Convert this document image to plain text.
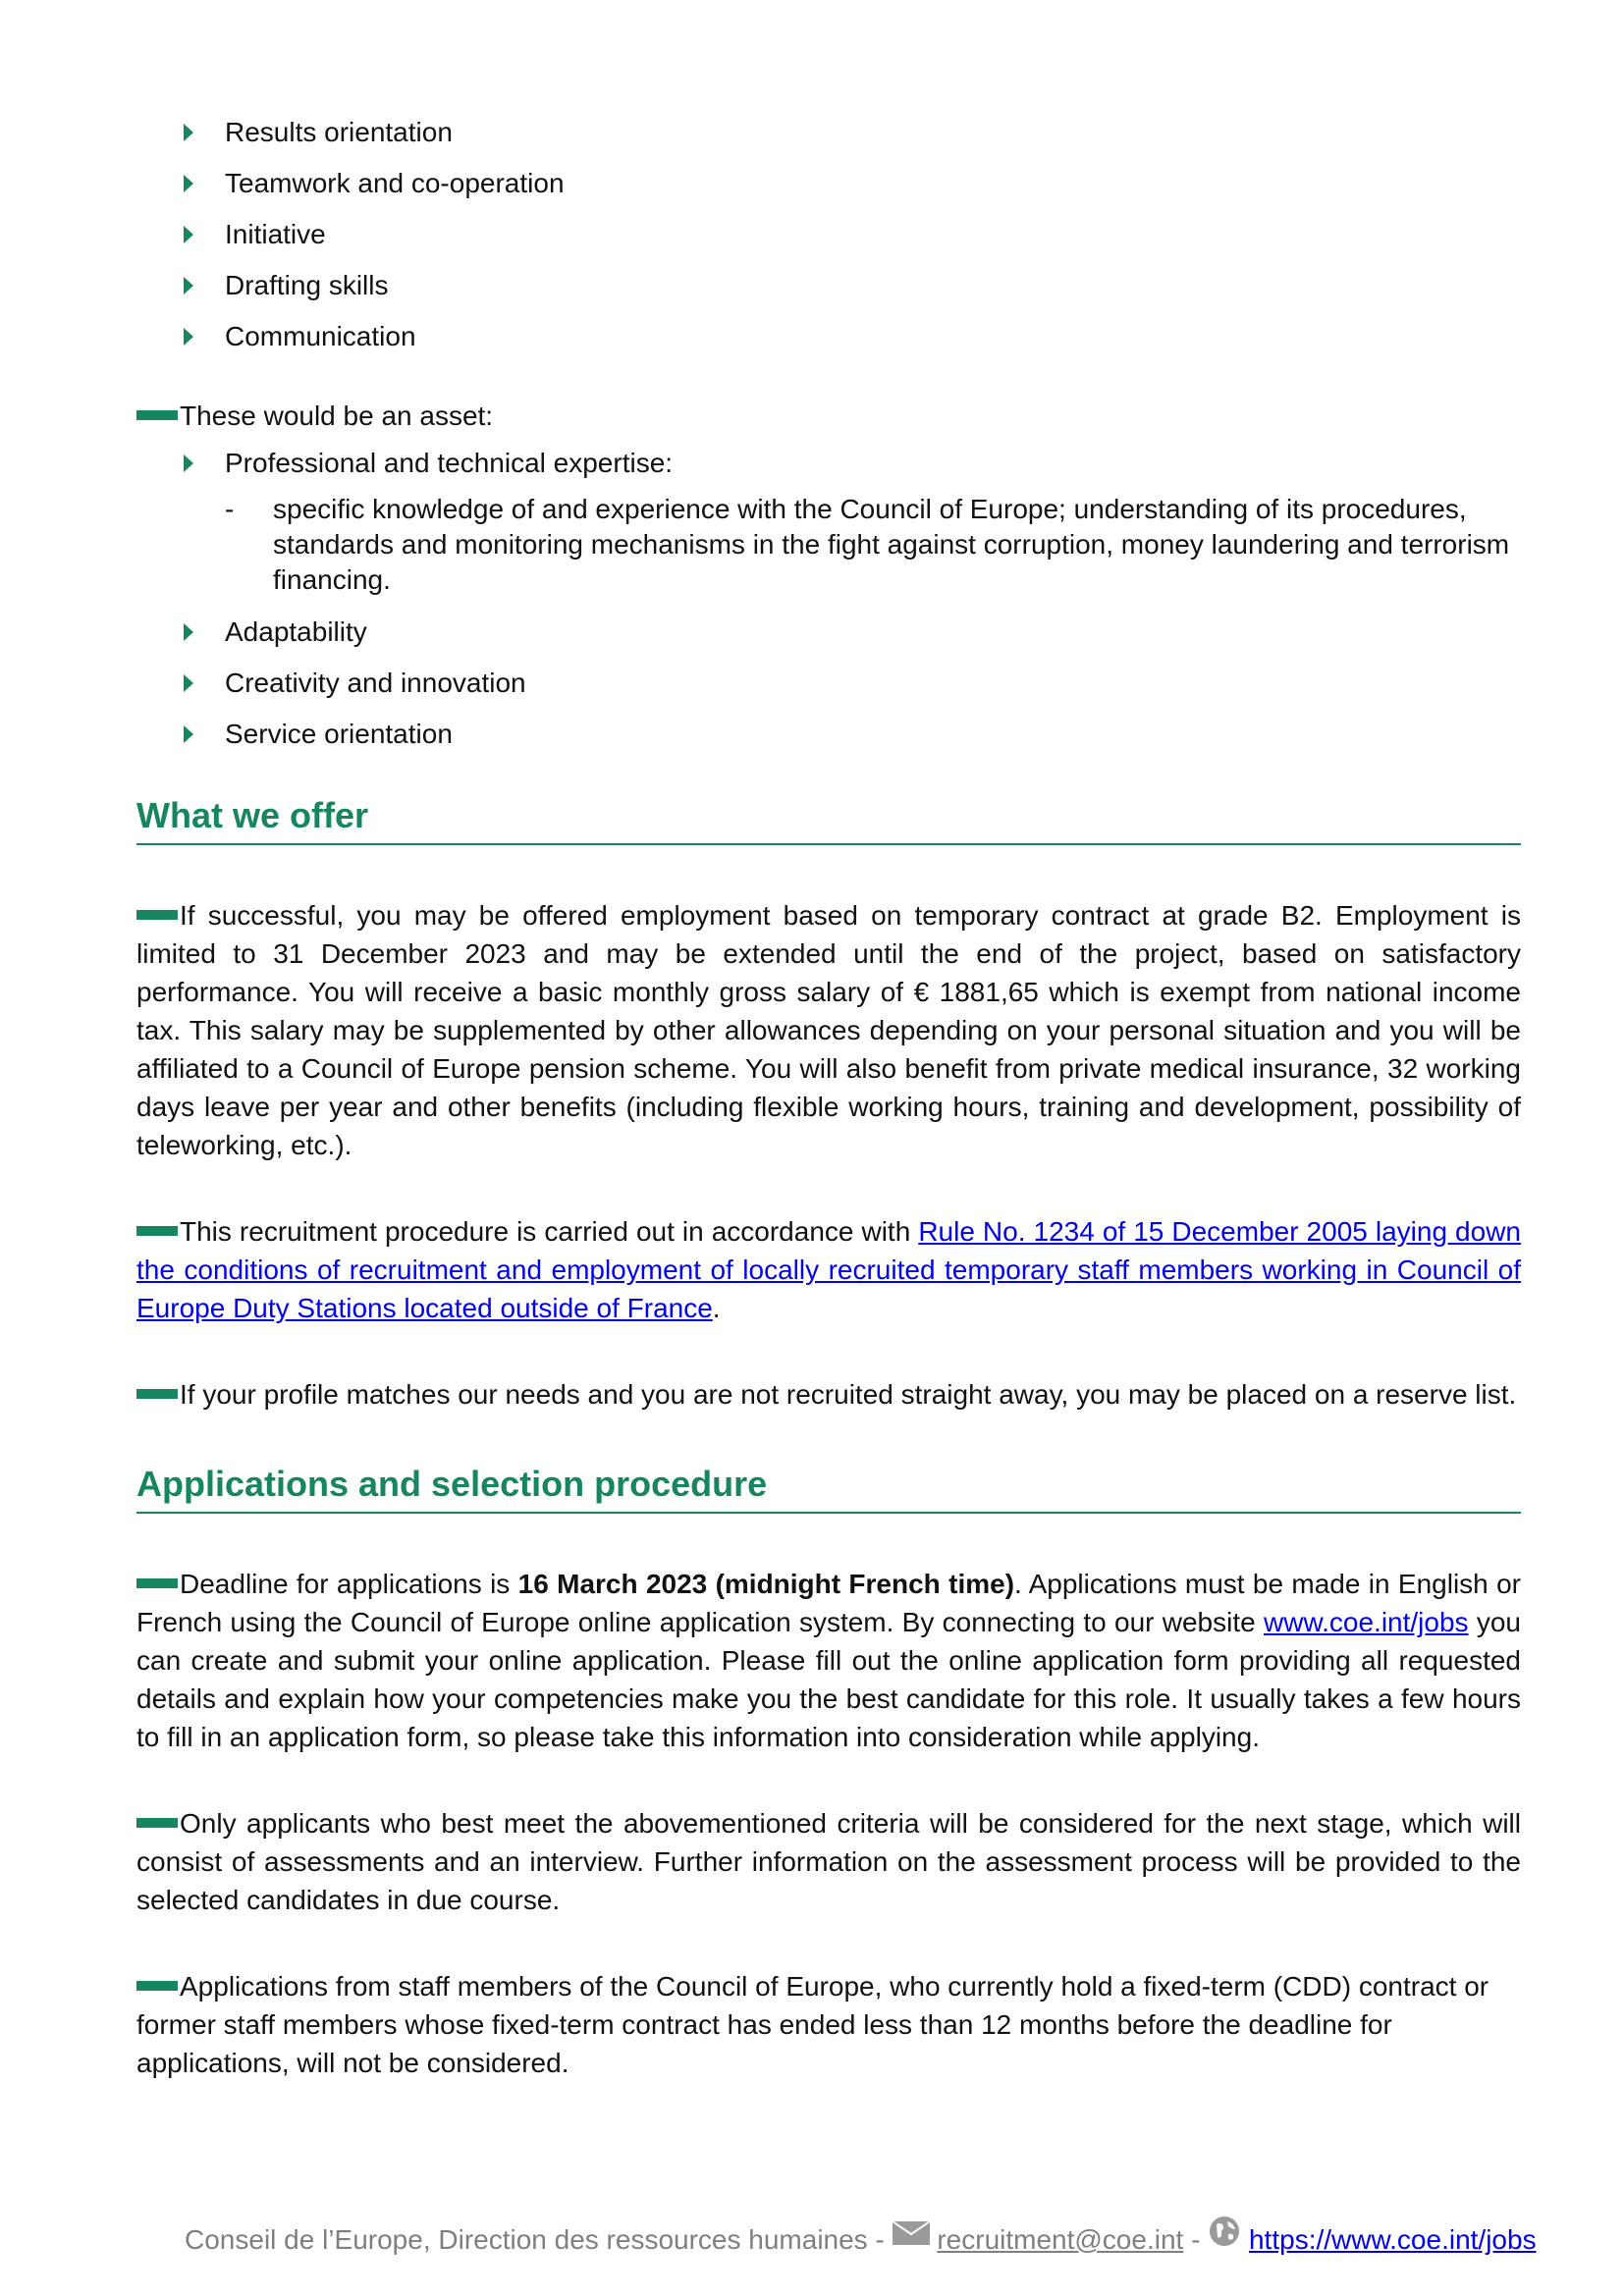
Results orientation
Teamwork and co-operation
Initiative
Drafting skills
Communication

These would be an asset:

Professional and technical expertise:
- specific knowledge of and experience with the Council of Europe; understanding of its procedures, standards and monitoring mechanisms in the fight against corruption, money laundering and terrorism financing.
Adaptability
Creativity and innovation
Service orientation
What we offer

If successful, you may be offered employment based on temporary contract at grade B2. Employment is limited to 31 December 2023 and may be extended until the end of the project, based on satisfactory performance. You will receive a basic monthly gross salary of € 1881,65 which is exempt from national income tax. This salary may be supplemented by other allowances depending on your personal situation and you will be affiliated to a Council of Europe pension scheme. You will also benefit from private medical insurance, 32 working days leave per year and other benefits (including flexible working hours, training and development, possibility of teleworking, etc.).

This recruitment procedure is carried out in accordance with Rule No. 1234 of 15 December 2005 laying down the conditions of recruitment and employment of locally recruited temporary staff members working in Council of Europe Duty Stations located outside of France.

If your profile matches our needs and you are not recruited straight away, you may be placed on a reserve list.

Applications and selection procedure

Deadline for applications is 16 March 2023 (midnight French time). Applications must be made in English or French using the Council of Europe online application system. By connecting to our website www.coe.int/jobs you can create and submit your online application. Please fill out the online application form providing all requested details and explain how your competencies make you the best candidate for this role. It usually takes a few hours to fill in an application form, so please take this information into consideration while applying.

Only applicants who best meet the abovementioned criteria will be considered for the next stage, which will consist of assessments and an interview. Further information on the assessment process will be provided to the selected candidates in due course.

Applications from staff members of the Council of Europe, who currently hold a fixed-term (CDD) contract or former staff members whose fixed-term contract has ended less than 12 months before the deadline for applications, will not be considered.

Conseil de l’Europe, Direction des ressources humaines -  recruitment@coe.int -  https://www.coe.int/jobs
